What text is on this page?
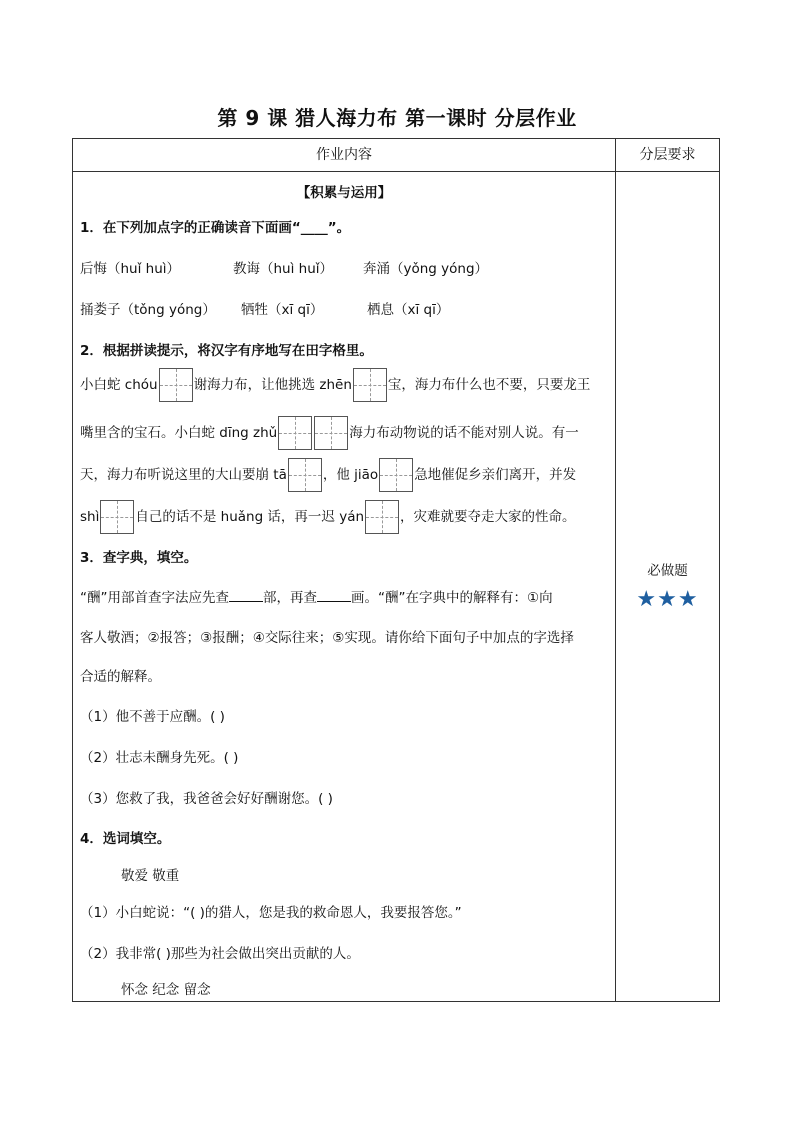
第 9 课 猎人海力布 第一课时 分层作业
作业内容	分层要求
【积累与运用】
1．在下列加点字的正确读音下面画“____”。
后悔（huǐ huì）	教诲（huì huǐ） 奔涌（yǒng yóng）
捅娄子（tǒng yóng） 牺牲（xī qī）	栖息（xī qī）
2．根据拼读提示，将汉字有序地写在田字格里。
小白蛇 chóu	谢海力布，让他挑选 zhēn	宝，海力布什么也不要，只要龙王
嘴里含的宝石。小白蛇 dīng zhǔ	海力布动物说的话不能对别人说。有一
天，海力布听说这里的大山要崩 tā	，他 jiāo	急地催促乡亲们离开，并发
shì	自己的话不是 huǎng 话，再一迟 yán	，灾难就要夺走大家的性命。
3．查字典，填空。
“酬”用部首查字法应先查	部，再查	画。“酬”在字典中的解释有：①向
客人敬酒；②报答；③报酬；④交际往来；⑤实现。请你给下面句子中加点的字选择
合适的解释。
（1）他不善于应酬。( )
（2）壮志未酬身先死。( )
（3）您救了我，我爸爸会好好酬谢您。( )
4．选词填空。
敬爱 敬重
（1）小白蛇说：“( )的猎人，您是我的救命恩人，我要报答您。”
（2）我非常( )那些为社会做出突出贡献的人。
怀念 纪念 留念
必做题
★★★
